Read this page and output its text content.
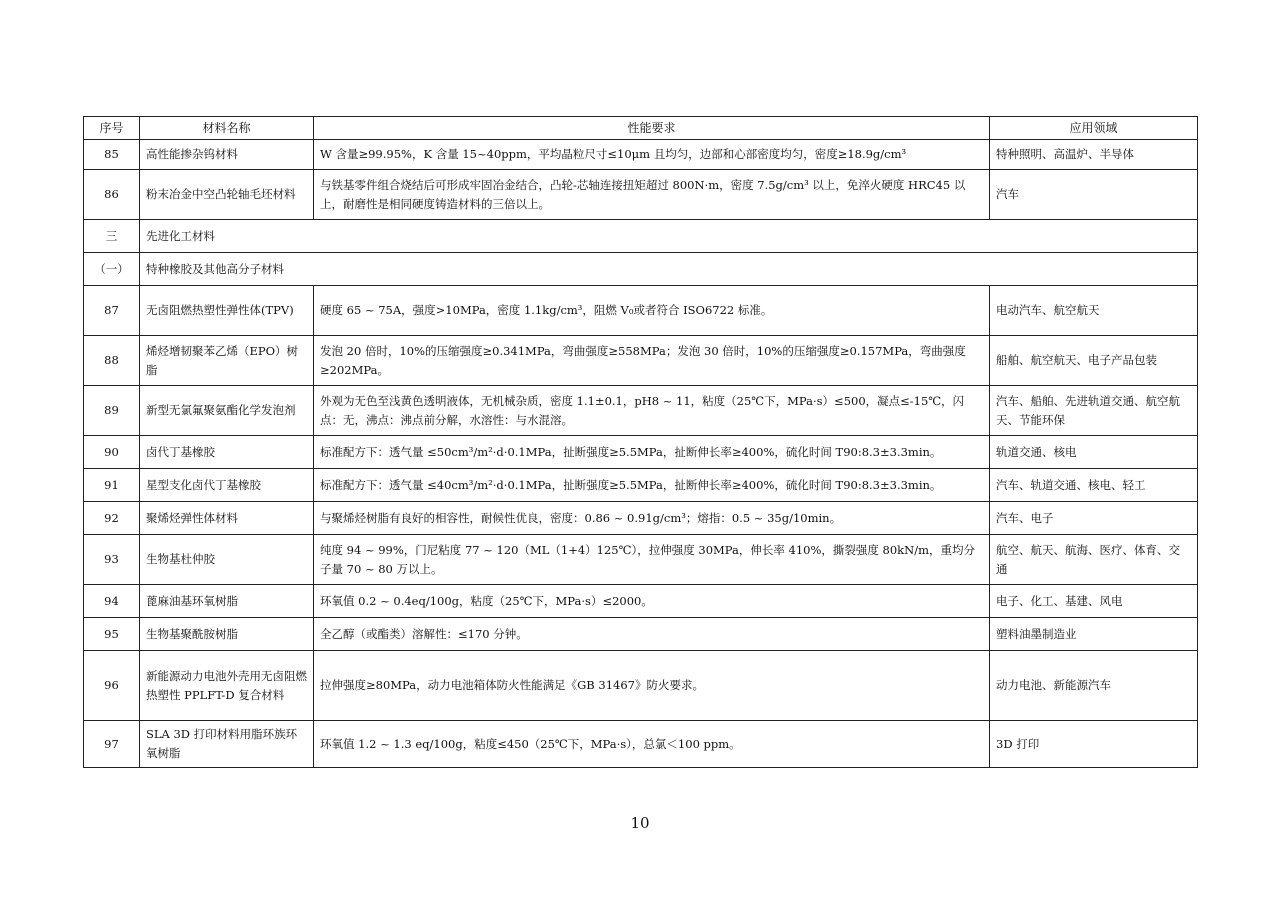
序号	材料名称	性能要求	应用领域
85	高性能掺杂钨材料	W 含量≥99.95%，K 含量 15~40ppm，平均晶粒尺寸≤10μm 且均匀，边部和心部密度均匀，密度≥18.9g/cm³	特种照明、高温炉、半导体
86	粉末冶金中空凸轮轴毛坯材料	与铁基零件组合烧结后可形成牢固冶金结合，凸轮-芯轴连接扭矩超过 800N·m，密度 7.5g/cm³ 以上，免淬火硬度 HRC45 以上，耐磨性是相同硬度铸造材料的三倍以上。	汽车
三	先进化工材料		
（一）	特种橡胶及其他高分子材料		
87	无卤阻燃热塑性弹性体(TPV)	硬度 65 ~ 75A，强度>10MPa，密度 1.1kg/cm³，阻燃 V₀或者符合 ISO6722 标准。	电动汽车、航空航天
88	烯烃增韧聚苯乙烯（EPO）树脂	发泡 20 倍时，10%的压缩强度≥0.341MPa，弯曲强度≥558MPa；发泡 30 倍时，10%的压缩强度≥0.157MPa，弯曲强度≥202MPa。	船舶、航空航天、电子产品包装
89	新型无氯氟聚氨酯化学发泡剂	外观为无色至浅黄色透明液体，无机械杂质，密度 1.1±0.1，pH8 ~ 11，粘度（25℃下，MPa·s）≤500，凝点≤-15℃，闪点：无，沸点：沸点前分解，水溶性：与水混溶。	汽车、船舶、先进轨道交通、航空航天、节能环保
90	卤代丁基橡胶	标准配方下：透气量 ≤50cm³/m²·d·0.1MPa，扯断强度≥5.5MPa，扯断伸长率≥400%，硫化时间 T90:8.3±3.3min。	轨道交通、核电
91	星型支化卤代丁基橡胶	标准配方下：透气量 ≤40cm³/m²·d·0.1MPa，扯断强度≥5.5MPa，扯断伸长率≥400%，硫化时间 T90:8.3±3.3min。	汽车、轨道交通、核电、轻工
92	聚烯烃弹性体材料	与聚烯烃树脂有良好的相容性，耐候性优良，密度：0.86 ~ 0.91g/cm³；熔指：0.5 ~ 35g/10min。	汽车、电子
93	生物基杜仲胶	纯度 94 ~ 99%，门尼粘度 77 ~ 120（ML（1+4）125℃），拉伸强度 30MPa，伸长率 410%，撕裂强度 80kN/m，重均分子量 70 ~ 80 万以上。	航空、航天、航海、医疗、体育、交通
94	蓖麻油基环氧树脂	环氧值 0.2 ~ 0.4eq/100g，粘度（25℃下，MPa·s）≤2000。	电子、化工、基建、风电
95	生物基聚酰胺树脂	全乙醇（或酯类）溶解性：≤170 分钟。	塑料油墨制造业
96	新能源动力电池外壳用无卤阻燃热塑性 PPLFT-D 复合材料	拉伸强度≥80MPa，动力电池箱体防火性能满足《GB 31467》防火要求。	动力电池、新能源汽车
97	SLA 3D 打印材料用脂环族环氧树脂	环氧值 1.2 ~ 1.3 eq/100g，粘度≤450（25℃下，MPa·s），总氯＜100 ppm。	3D 打印
10
